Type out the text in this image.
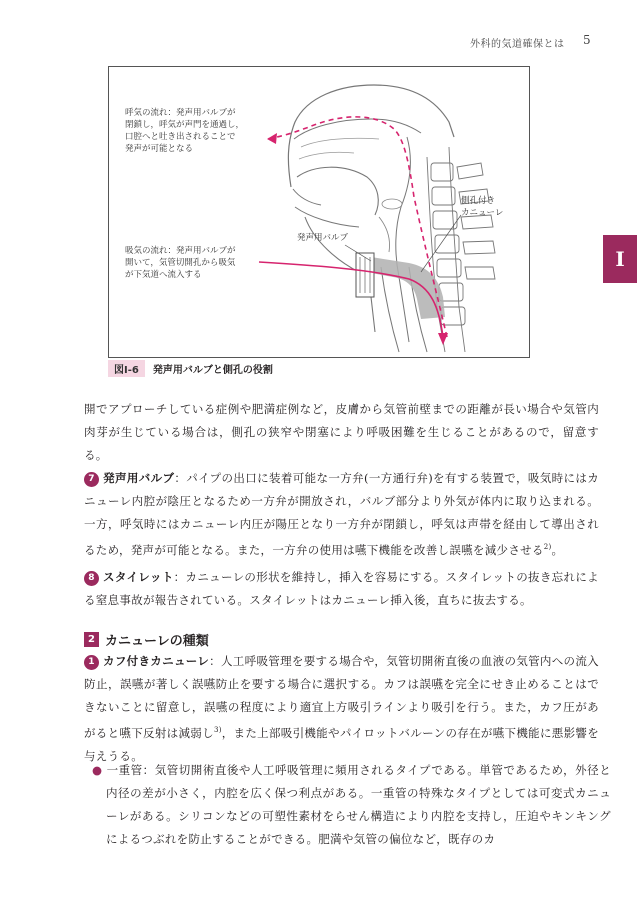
外科的気道確保とは	5
I
呼気の流れ：発声用バルブが
閉鎖し，呼気が声門を通過し，
口腔へと吐き出されることで
発声が可能となる
吸気の流れ：発声用バルブが
開いて，気管切開孔から吸気
が下気道へ流入する
発声用バルブ
側孔付き
カニューレ
図Ⅰ-6	発声用バルブと側孔の役割
開でアプローチしている症例や肥満症例など，皮膚から気管前壁までの距離が長い場合や気管内肉芽が生じている場合は，側孔の狭窄や閉塞により呼吸困難を生じることがあるので，留意する。
7 発声用バルブ：パイプの出口に装着可能な一方弁(一方通行弁)を有する装置で，吸気時にはカニューレ内腔が陰圧となるため一方弁が開放され，バルブ部分より外気が体内に取り込まれる。一方，呼気時にはカニューレ内圧が陽圧となり一方弁が閉鎖し，呼気は声帯を経由して導出されるため，発声が可能となる。また，一方弁の使用は嚥下機能を改善し誤嚥を減少させる$^{2)}$。
8 スタイレット：カニューレの形状を維持し，挿入を容易にする。スタイレットの抜き忘れによる窒息事故が報告されている。スタイレットはカニューレ挿入後，直ちに抜去する。
2 カニューレの種類
1 カフ付きカニューレ：人工呼吸管理を要する場合や，気管切開術直後の血液の気管内への流入防止，誤嚥が著しく誤嚥防止を要する場合に選択する。カフは誤嚥を完全にせき止めることはできないことに留意し，誤嚥の程度により適宜上方吸引ラインより吸引を行う。また，カフ圧があがると嚥下反射は減弱し$^{3)}$，また上部吸引機能やパイロットバルーンの存在が嚥下機能に悪影響を与えうる。
● 一重管：気管切開術直後や人工呼吸管理に頻用されるタイプである。単管であるため，外径と内径の差が小さく，内腔を広く保つ利点がある。一重管の特殊なタイプとしては可変式カニューレがある。シリコンなどの可塑性素材をらせん構造により内腔を支持し，圧迫やキンキングによるつぶれを防止することができる。肥満や気管の偏位など，既存のカ
